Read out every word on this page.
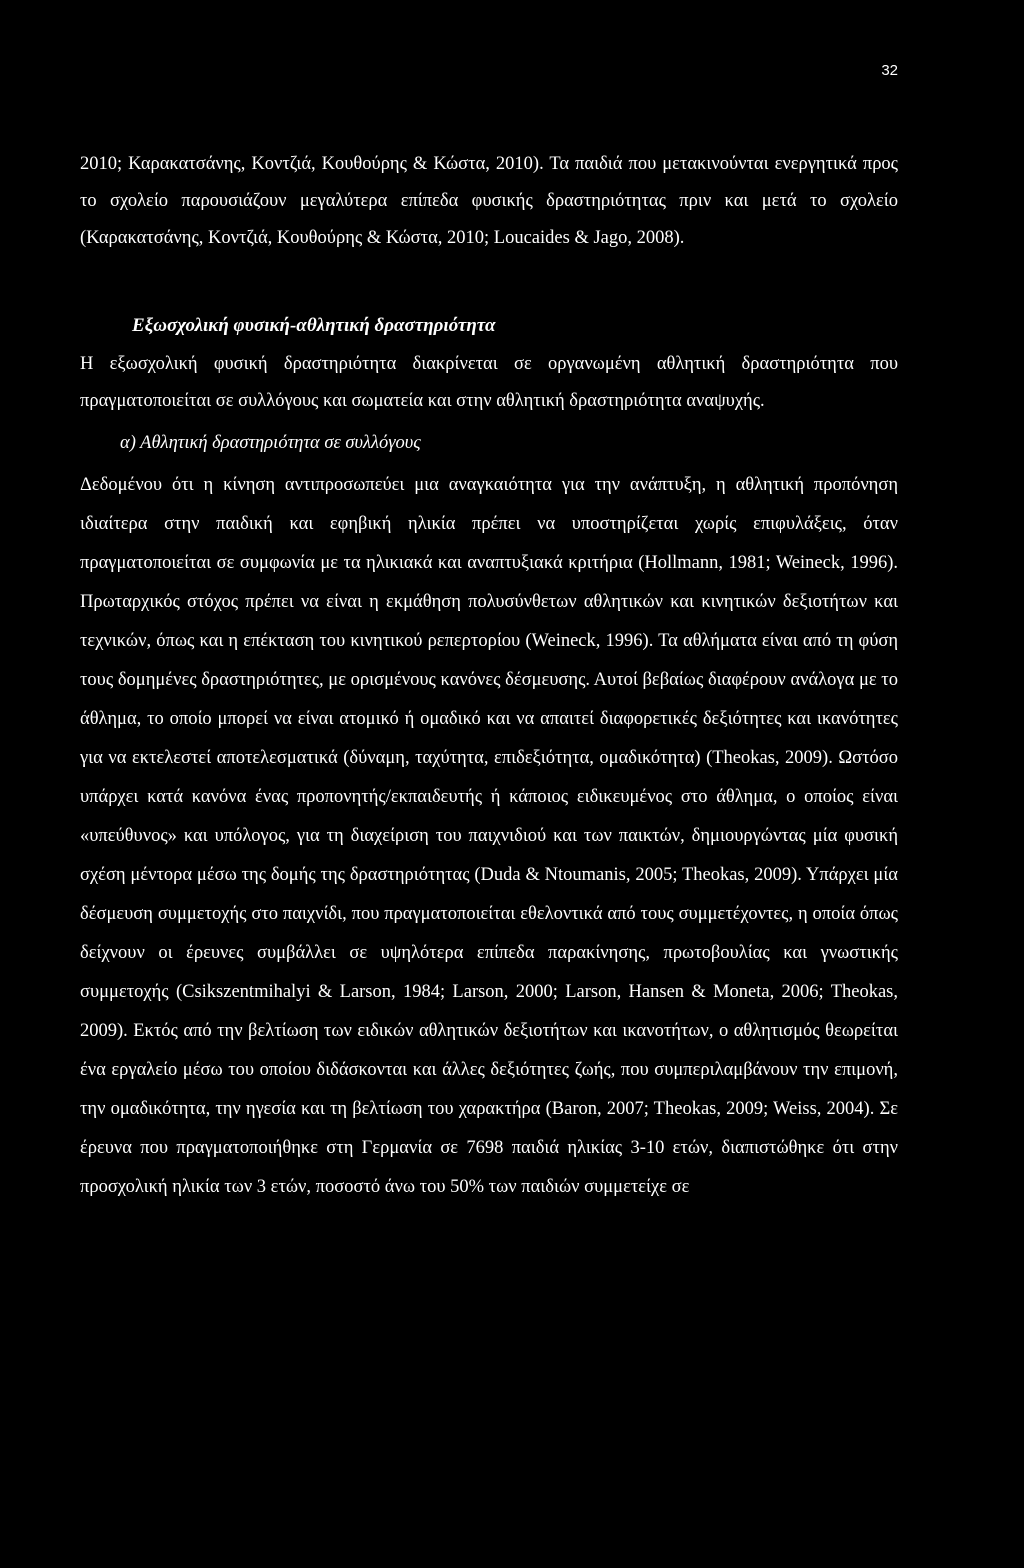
32

2010; Καρακατσάνης, Κοντζιά, Κουθούρης & Κώστα, 2010). Τα παιδιά που μετακινούνται ενεργητικά προς το σχολείο παρουσιάζουν μεγαλύτερα επίπεδα φυσικής δραστηριότητας πριν και μετά το σχολείο (Καρακατσάνης, Κοντζιά, Κουθούρης & Κώστα, 2010; Loucaides & Jago, 2008).

Εξωσχολική φυσική-αθλητική δραστηριότητα

Η εξωσχολική φυσική δραστηριότητα διακρίνεται σε οργανωμένη αθλητική δραστηριότητα που πραγματοποιείται σε συλλόγους και σωματεία και στην αθλητική δραστηριότητα αναψυχής.

α) Αθλητική δραστηριότητα σε συλλόγους

Δεδομένου ότι η κίνηση αντιπροσωπεύει μια αναγκαιότητα για την ανάπτυξη, η αθλητική προπόνηση ιδιαίτερα στην παιδική και εφηβική ηλικία πρέπει να υποστηρίζεται χωρίς επιφυλάξεις, όταν πραγματοποιείται σε συμφωνία με τα ηλικιακά και αναπτυξιακά κριτήρια (Hollmann, 1981; Weineck, 1996). Πρωταρχικός στόχος πρέπει να είναι η εκμάθηση πολυσύνθετων αθλητικών και κινητικών δεξιοτήτων και τεχνικών, όπως και η επέκταση του κινητικού ρεπερτορίου (Weineck, 1996). Τα αθλήματα είναι από τη φύση τους δομημένες δραστηριότητες, με ορισμένους κανόνες δέσμευσης. Αυτοί βεβαίως διαφέρουν ανάλογα με το άθλημα, το οποίο μπορεί να είναι ατομικό ή ομαδικό και να απαιτεί διαφορετικές δεξιότητες και ικανότητες για να εκτελεστεί αποτελεσματικά (δύναμη, ταχύτητα, επιδεξιότητα, ομαδικότητα) (Theokas, 2009). Ωστόσο υπάρχει κατά κανόνα ένας προπονητής/εκπαιδευτής ή κάποιος ειδικευμένος στο άθλημα, ο οποίος είναι «υπεύθυνος» και υπόλογος, για τη διαχείριση του παιχνιδιού και των παικτών, δημιουργώντας μία φυσική σχέση μέντορα μέσω της δομής της δραστηριότητας (Duda & Ntoumanis, 2005; Theokas, 2009). Υπάρχει μία δέσμευση συμμετοχής στο παιχνίδι, που πραγματοποιείται εθελοντικά από τους συμμετέχοντες, η οποία όπως δείχνουν οι έρευνες συμβάλλει σε υψηλότερα επίπεδα παρακίνησης, πρωτοβουλίας και γνωστικής συμμετοχής (Csikszentmihalyi & Larson, 1984; Larson, 2000; Larson, Hansen & Moneta, 2006; Theokas, 2009). Εκτός από την βελτίωση των ειδικών αθλητικών δεξιοτήτων και ικανοτήτων, ο αθλητισμός θεωρείται ένα εργαλείο μέσω του οποίου διδάσκονται και άλλες δεξιότητες ζωής, που συμπεριλαμβάνουν την επιμονή, την ομαδικότητα, την ηγεσία και τη βελτίωση του χαρακτήρα (Baron, 2007; Theokas, 2009; Weiss, 2004). Σε έρευνα που πραγματοποιήθηκε στη Γερμανία σε 7698 παιδιά ηλικίας 3-10 ετών, διαπιστώθηκε ότι στην προσχολική ηλικία των 3 ετών, ποσοστό άνω του 50% των παιδιών συμμετείχε σε
